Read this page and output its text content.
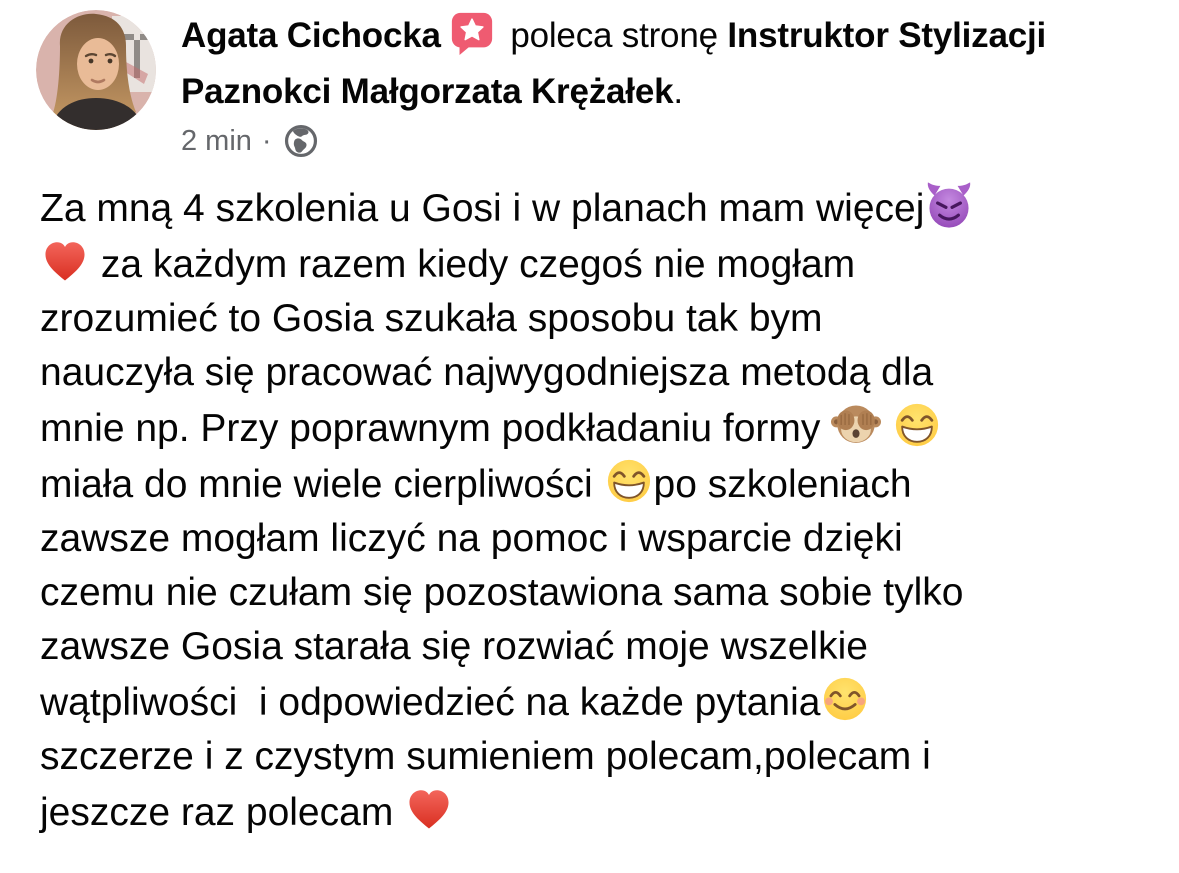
Agata Cichocka
poleca stronę Instruktor Stylizacji Paznokci Małgorzata Krężałek.
2 min ·
Za mną 4 szkolenia u Gosi i w planach mam więcej
za każdym razem kiedy czegoś nie mogłam
zrozumieć to Gosia szukała sposobu tak bym
nauczyła się pracować najwygodniejsza metodą dla
mnie np. Przy poprawnym podkładaniu formy

miała do mnie wiele cierpliwości
po szkoleniach
zawsze mogłam liczyć na pomoc i wsparcie dzięki
czemu nie czułam się pozostawiona sama sobie tylko
zawsze Gosia starała się rozwiać moje wszelkie
wątpliwości  i odpowiedzieć na każde pytania
szczerze i z czystym sumieniem polecam,polecam i
jeszcze raz polecam
